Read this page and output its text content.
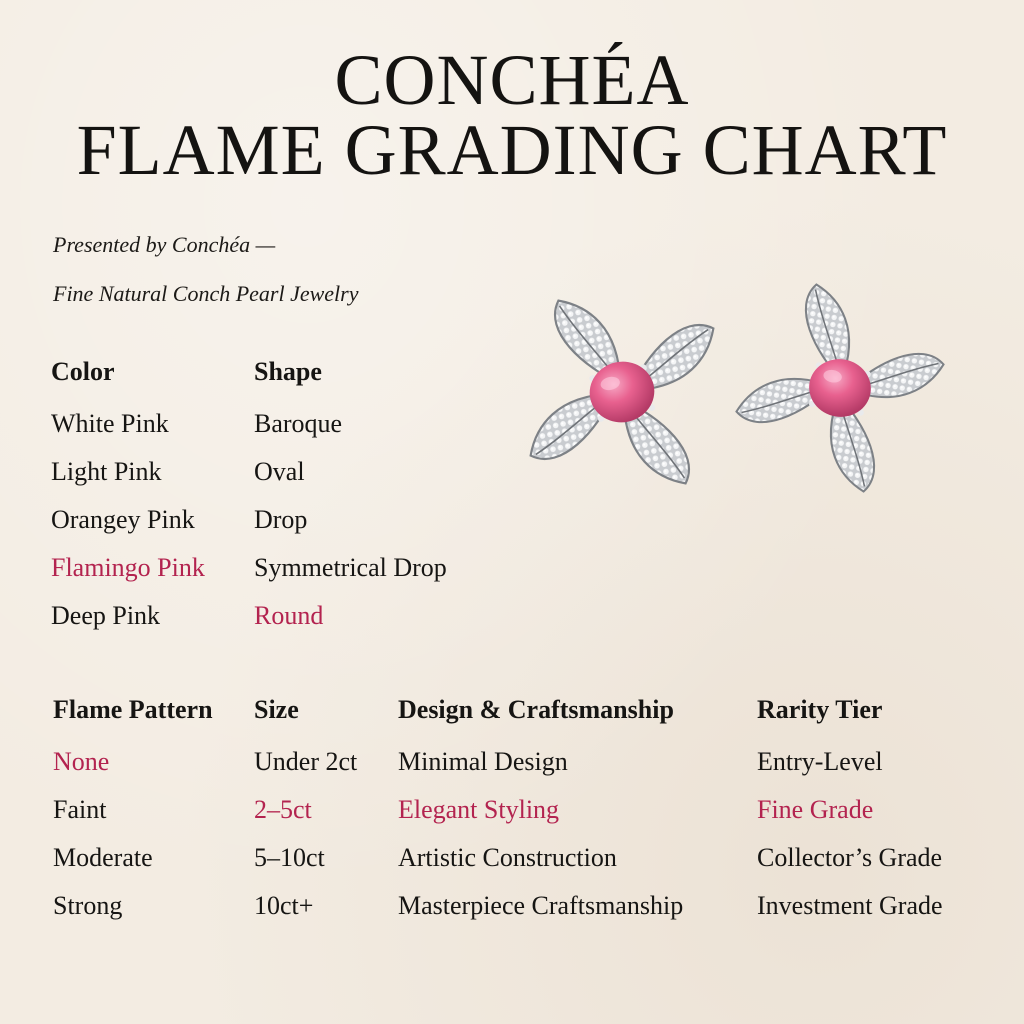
CONCHÉA
FLAME GRADING CHART
Presented by Conchéa —
Fine Natural Conch Pearl Jewelry
Color
White Pink
Light Pink
Orangey Pink
Flamingo Pink
Deep Pink
Shape
Baroque
Oval
Drop
Symmetrical Drop
Round
Flame Pattern
None
Faint
Moderate
Strong
Size
Under 2ct
2–5ct
5–10ct
10ct+
Design & Craftsmanship
Minimal Design
Elegant Styling
Artistic Construction
Masterpiece Craftsmanship
Rarity Tier
Entry-Level
Fine Grade
Collector’s Grade
Investment Grade
